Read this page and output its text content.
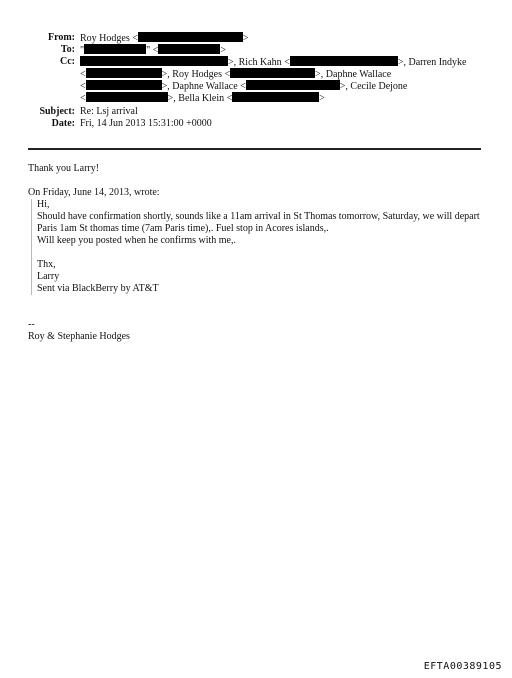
From: Roy Hodges <	>
To: "	" <	>
Cc:	>, Rich Kahn <	>, Darren Indyke
<	>, Roy Hodges <	>, Daphne Wallace
<	>, Daphne Wallace <	>, Cecile Dejone
<	>, Bella Klein <	>
Subject: Re: Lsj arrival
Date: Fri, 14 Jun 2013 15:31:00 +0000
Thank you Larry!
On Friday, June 14, 2013, wrote:
Hi,
Should have confirmation shortly, sounds like a 11am arrival in St Thomas tomorrow, Saturday, we will depart
Paris 1am St thomas time (7am Paris time),. Fuel stop in Acores islands,.
Will keep you posted when he confirms with me,.
Thx,
Larry
Sent via BlackBerry by AT&T
--
Roy & Stephanie Hodges
EFTA00389105
